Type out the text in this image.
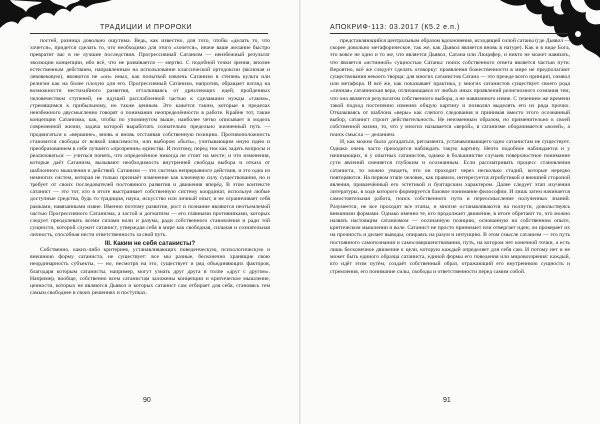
ТРАДИЦИИ И ПРОРОКИ

постей, разница довольно ощутима. Ведь, как известно, для того, чтобы «делать то, что хочется», придется сделать то, что необходимо для этого «хочется», иначе ваше желание быстро превратит вас в не лучшие последствия. Прогрессивный Сатанизм — неизбежный результат эволюции концепции, ибо всё, что не развивается — мертво. С подобной точки зрения, вполне естественным действием, направленным на использование классической ортодоксии (включая и левовековую), являются не «он» иных, как попыткой извлечь Сатанизм в степень культа или религии как на более плохую для его. Прогрессивный Сатанизм, напротив, обращает взгляд на возможности нестихийного развития, отталкиваясь от дряхлеющих идей, пройденных человечеством ступеней, не идущей расслабленной частью к сделавшим нужды «таким», стремящимся к прибыльному, но также ценным. Это кажется таким, которые в пределах неизбежного двусмысленно говорят о понимании неопределённости в работе. Крайне тот, такие концепции Сатанизма, как, чтобы по упоминутом выше, наиболее четко описывает в модель современной жизни, задача которой выработать сознательно предельно жизненный путь — продвигаться к «вершине», вновь и вновь отстаивая собственную позицию. Противоположность становится свободы от всякой зависимости, или выбором «быть», учитывающим иную идею и преобразованием в себе лучшего «прозрения» единства. И поэтому, перед тем как задать вопросы и реализоваться — учиться понять, что определённое никогда не стоит на месте; и что изменения, которые даёт Сатанизм, вызывают необходимость внутренней свободы выбора и отказа от шаблонного мышления и действий. Сатанизм — это система непрерывного действия, и это одна из немногих систем, которая не только признаёт изменение как ключевую силу существования, но и требует от своих последователей постоянного развития и движения вперёд. В этом контексте сатанист — это тот, кто в итоге выстраивает собственную систему координат, используя любые доступные средства, будь то традиция, наука, искусство или личный опыт, и не ограничивает себя рамками, навязанными извне. Именно поэтому развитие, рост и познание являются неотъемлемой частью Прогрессивного Сатанизма, а застой и догматизм — его главными противниками, которых следует преодолевать всеми силами воли и разума, ради собственного становления и ради той сущности, которой служит сатанист, утверждая себя в мире как свободная, сильная и сознательная личность, способная нести ответственность за свой путь.

III. Каким не себя сатанисты?

Собственно, каких-либо критериев, устанавливающих поведенческую, психологическую и внешнюю форму сатаниста, не существует: все мы разные, бесконечно хранящие свою неординарность субъекты, — но, несмотря на это, существует и ряд объединяющих факторов, благодаря которым сатанисты, например, могут узнать друг друга в толпе «друг с другом». Например, вообще, собственно всем сатанистам заложены концепции и критическое мышление, ценности, которых не являются Дьявол и которых сатанист сам отбирает для себя, становясь тем самым свободнее в своих решениях и поступках.

90
АПОКРИФ-113: 03.2017 (К5.2 е.п.)

представляющийся центральным образом вдохновения, исходящей силой сатаны (где Дьявол — скорее довольно метафорическое, так же, как Дьявол является вновь в натуре). Как и в виде Бога, это вовсе не одно и то же, что является Дьявол, Сатана или Люцифер, и никто не может навязать, что является «истинной» сущностью Сатаны: поиск собственного ответа является частью пути. Вероятно, всё же следует сделать оговорку: проявления божественности в мире не предполагают существования некоего творца: для многих сатанистов Сатана — это прежде всего принцип, символ или метафора. И всё же, как показывает практика, у многих сатанистов существует своего рода «личная» сатанинская вера, отличающаяся от любых иных проявлений религиозного сознания тем, что она является результатом собственного выбора, а не навязанного извне. С течением же времени такой подход постепенно изменял общую картину и позволял выделять его из ряда прочих. Отказываясь от шаблона «веры» как слепого следования и принимая вместо этого осознанный выбор, сатанист строит действительность. Не неизменным образом, но применительно к своей собственной жизни, то, что у многих называется «верой», в сатанизме оборачивается «волей», а поиск смысла — деланием.

И, как можно было догадаться, регламента, устанавливающего одно сатанистам не существует. Однако очень часто приходится наблюдать такую картину. Нечто подобное наблюдается и у начинающих, и у опытных сатанистов, однако в большинстве случаев поверхностное понимание сути явлений сменяется глубоким и осознанным. Если рассматривать процесс становления сатаниста, то можно увидеть, что он проходит через несколько стадий, которые нередко повторяются. На первом этапе человек, как правило, интересуется атрибутикой и внешней стороной явления, привлечённый его эстетикой и бунтарским характером. Далее следует этап изучения литературы, в ходе которого формируется базовое понимание философии. И лишь затем начинается самостоятельная работа, поиск собственного пути и переосмысление полученных знаний. Разумеется, не все проходят все этапы, и многие останавливаются на полпути, довольствуясь внешними формами. Однако именно те, кто продолжает движение, в итоге обретают то, что можно назвать настоящим сатанизмом — осознанную позицию, основанную на собственном опыте, критическом мышлении и воле. Сатанист не просто принимает или отвергает идеи, он проверяет их на прочность и делает выводы, опираясь на разум и интуицию. В этом смысле сатанизм — это путь постоянного самопознания и самосовершенствования, путь, на котором нет конечной точки, а есть лишь бесконечное движение к цели, которую каждый определяет для себя сам. И потому нет и не может быть единого образца сатаниста, единой формы его поведения или мировоззрения: каждый, кто идёт этим путём, создаёт собственный образ, отражающий его внутреннюю сущность и стремления, его понимание силы, свободы и ответственности перед самим собой.

91
